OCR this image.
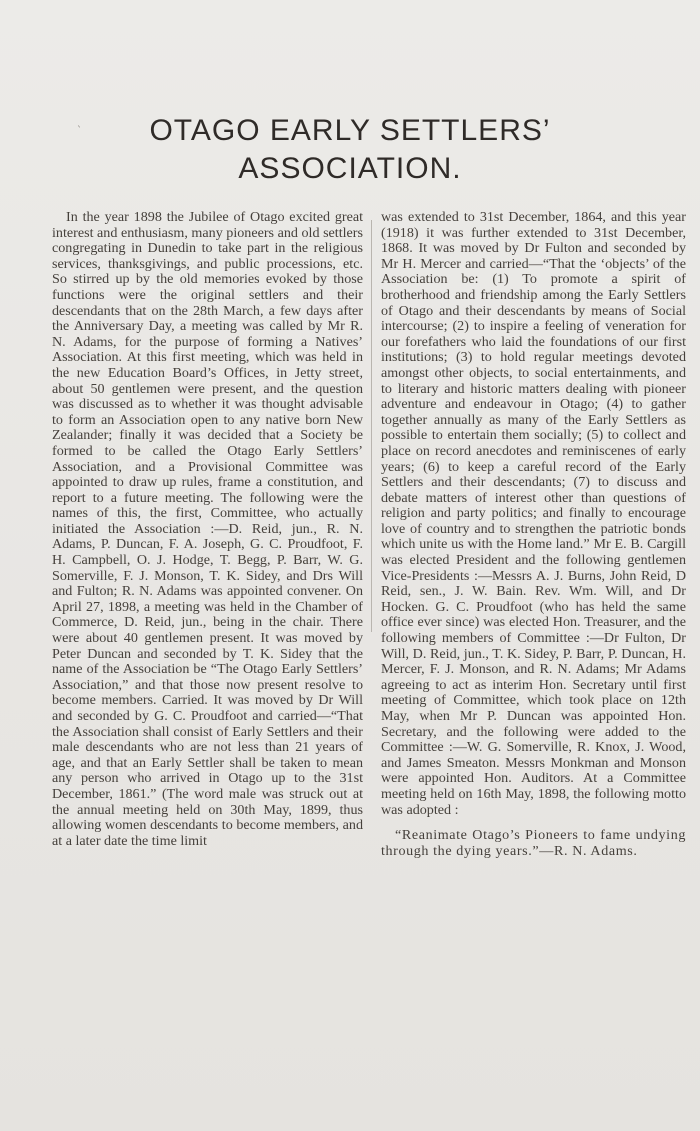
ˋ	OTAGO EARLY SETTLERS’
ASSOCIATION.

In the year 1898 the Jubilee of Otago excited great interest and enthusiasm, many pioneers and old settlers congregating in Dunedin to take part in the religious services, thanksgivings, and public processions, etc. So stirred up by the old memories evoked by those functions were the original settlers and their descendants that on the 28th March, a few days after the Anniversary Day, a meeting was called by Mr R. N. Adams, for the purpose of forming a Natives’ Association. At this first meeting, which was held in the new Education Board’s Offices, in Jetty street, about 50 gentlemen were present, and the question was discussed as to whether it was thought advisable to form an Association open to any native born New Zealander; finally it was decided that a Society be formed to be called the Otago Early Settlers’ Association, and a Provisional Committee was appointed to draw up rules, frame a constitution, and report to a future meeting. The following were the names of this, the first, Committee, who actually initiated the Association :—D. Reid, jun., R. N. Adams, P. Duncan, F. A. Joseph, G. C. Proudfoot, F. H. Campbell, O. J. Hodge, T. Begg, P. Barr, W. G. Somerville, F. J. Monson, T. K. Sidey, and Drs Will and Fulton; R. N. Adams was appointed convener. On April 27, 1898, a meeting was held in the Chamber of Commerce, D. Reid, jun., being in the chair. There were about 40 gentlemen present. It was moved by Peter Duncan and seconded by T. K. Sidey that the name of the Association be “The Otago Early Settlers’ Association,” and that those now present resolve to become members. Carried. It was moved by Dr Will and seconded by G. C. Proudfoot and carried—“That the Association shall consist of Early Settlers and their male descendants who are not less than 21 years of age, and that an Early Settler shall be taken to mean any person who arrived in Otago up to the 31st December, 1861.” (The word male was struck out at the annual meeting held on 30th May, 1899, thus allowing women descendants to become members, and at a later date the time limit

was extended to 31st December, 1864, and this year (1918) it was further extended to 31st December, 1868. It was moved by Dr Fulton and seconded by Mr H. Mercer and carried—“That the ‘objects’ of the Association be: (1) To promote a spirit of brotherhood and friendship among the Early Settlers of Otago and their descendants by means of Social intercourse; (2) to inspire a feeling of veneration for our forefathers who laid the foundations of our first institutions; (3) to hold regular meetings devoted amongst other objects, to social entertainments, and to literary and historic matters dealing with pioneer adventure and endeavour in Otago; (4) to gather together annually as many of the Early Settlers as possible to entertain them socially; (5) to collect and place on record anecdotes and reminiscenes of early years; (6) to keep a careful record of the Early Settlers and their descendants; (7) to discuss and debate matters of interest other than questions of religion and party politics; and finally to encourage love of country and to strengthen the patriotic bonds which unite us with the Home land.” Mr E. B. Cargill was elected President and the following gentlemen Vice-Presidents :—Messrs A. J. Burns, John Reid, D Reid, sen., J. W. Bain. Rev. Wm. Will, and Dr Hocken. G. C. Proudfoot (who has held the same office ever since) was elected Hon. Treasurer, and the following members of Committee :—Dr Fulton, Dr Will, D. Reid, jun., T. K. Sidey, P. Barr, P. Duncan, H. Mercer, F. J. Monson, and R. N. Adams; Mr Adams agreeing to act as interim Hon. Secretary until first meeting of Committee, which took place on 12th May, when Mr P. Duncan was appointed Hon. Secretary, and the following were added to the Committee :—W. G. Somerville, R. Knox, J. Wood, and James Smeaton. Messrs Monkman and Monson were appointed Hon. Auditors. At a Committee meeting held on 16th May, 1898, the following motto was adopted :

“Reanimate Otago’s Pioneers to fame undying through the dying years.”—R. N. Adams.
